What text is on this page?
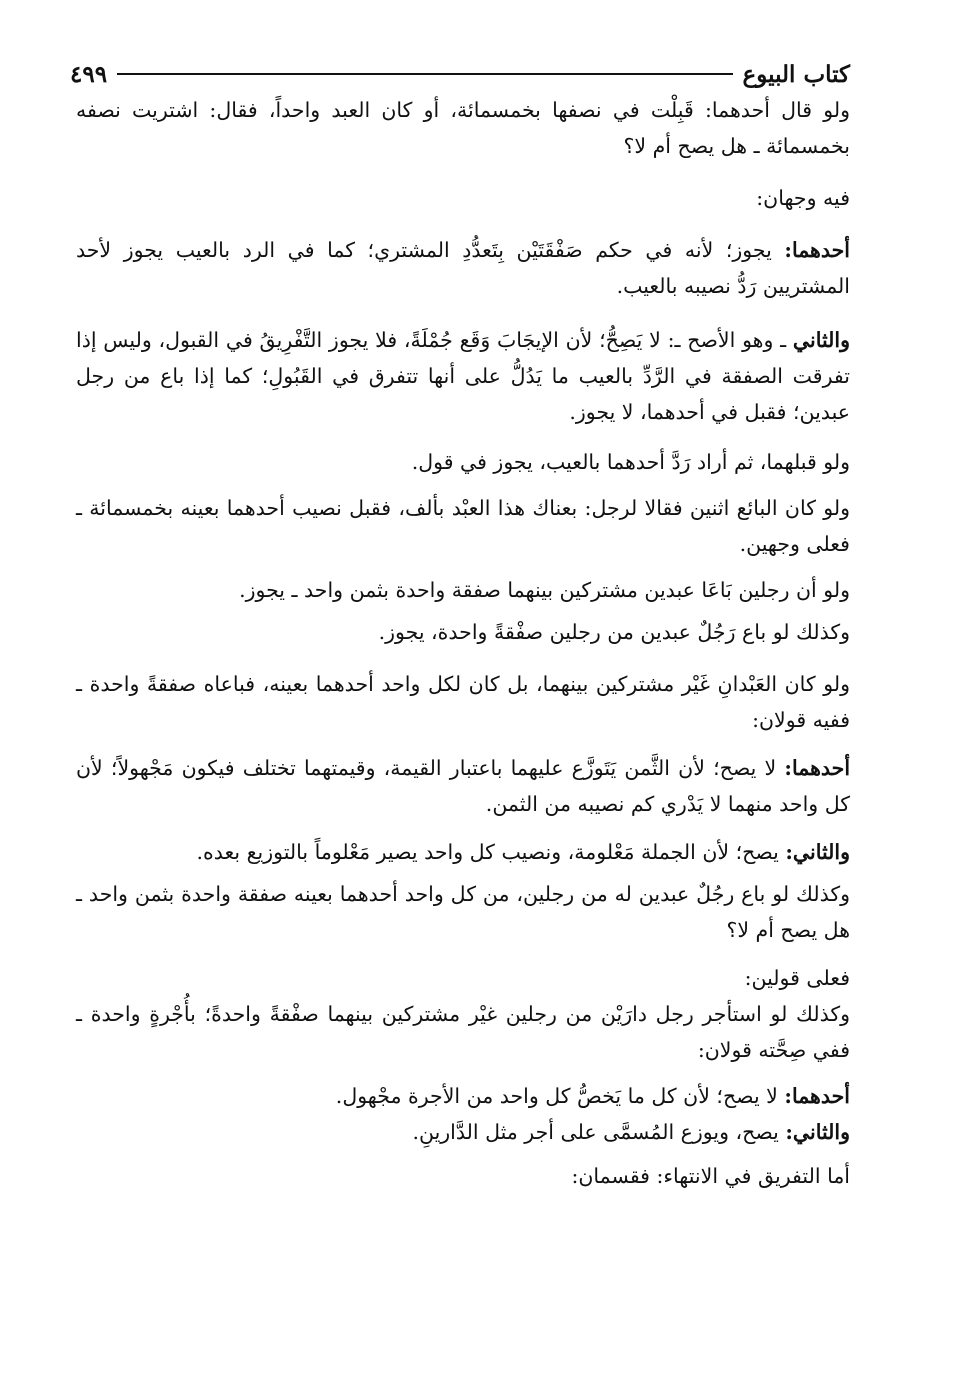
كتاب البيوع
٤٩٩

ولو قال أحدهما: قَبِلْت في نصفها بخمسمائة، أو كان العبد واحداً، فقال: اشتريت نصفه بخمسمائة ـ هل يصح أم لا؟

فيه وجهان:

أحدهما: يجوز؛ لأنه في حكم صَفْقَتَيْن بِتَعدُّدِ المشتري؛ كما في الرد بالعيب يجوز لأحد المشتريين رَدُّ نصيبه بالعيب.

والثاني ـ وهو الأصح ـ: لا يَصِحُّ؛ لأن الإيجَابَ وَقَع جُمْلَةً، فلا يجوز التَّفْرِيقُ في القبول، وليس إذا تفرقت الصفقة في الرَّدِّ بالعيب ما يَدُلُّ على أنها تتفرق في القَبُولِ؛ كما إذا باع من رجل عبدين؛ فقبل في أحدهما، لا يجوز.

ولو قبلهما، ثم أراد رَدَّ أحدهما بالعيب، يجوز في قول.

ولو كان البائع اثنين فقالا لرجل: بعناك هذا العبْد بألف، فقبل نصيب أحدهما بعينه بخمسمائة ـ فعلى وجهين.

ولو أن رجلين بَاعَا عبدين مشتركين بينهما صفقة واحدة بثمن واحد ـ يجوز.

وكذلك لو باع رَجُلٌ عبدين من رجلين صفْقةً واحدة، يجوز.

ولو كان العَبْدانِ غَيْر مشتركين بينهما، بل كان لكل واحد أحدهما بعينه، فباعاه صفقةً واحدة ـ ففيه قولان:

أحدهما: لا يصح؛ لأن الثَّمن يَتَوزَّع عليهما باعتبار القيمة، وقيمتهما تختلف فيكون مَجْهولاً؛ لأن كل واحد منهما لا يَدْري كم نصيبه من الثمن.

والثاني: يصح؛ لأن الجملة مَعْلومة، ونصيب كل واحد يصير مَعْلوماً بالتوزيع بعده.

وكذلك لو باع رجُلٌ عبدين له من رجلين، من كل واحد أحدهما بعينه صفقة واحدة بثمن واحد ـ هل يصح أم لا؟

فعلى قولين:

وكذلك لو استأجر رجل دارَيْن من رجلين غيْر مشتركين بينهما صفْقةً واحدةً؛ بأُجْرةٍ واحدة ـ ففي صِحَّته قولان:

أحدهما: لا يصح؛ لأن كل ما يَخصُّ كل واحد من الأجرة مجْهول.

والثاني: يصح، ويوزع المُسمَّى على أجر مثل الدَّارينِ.

أما التفريق في الانتهاء: فقسمان:
